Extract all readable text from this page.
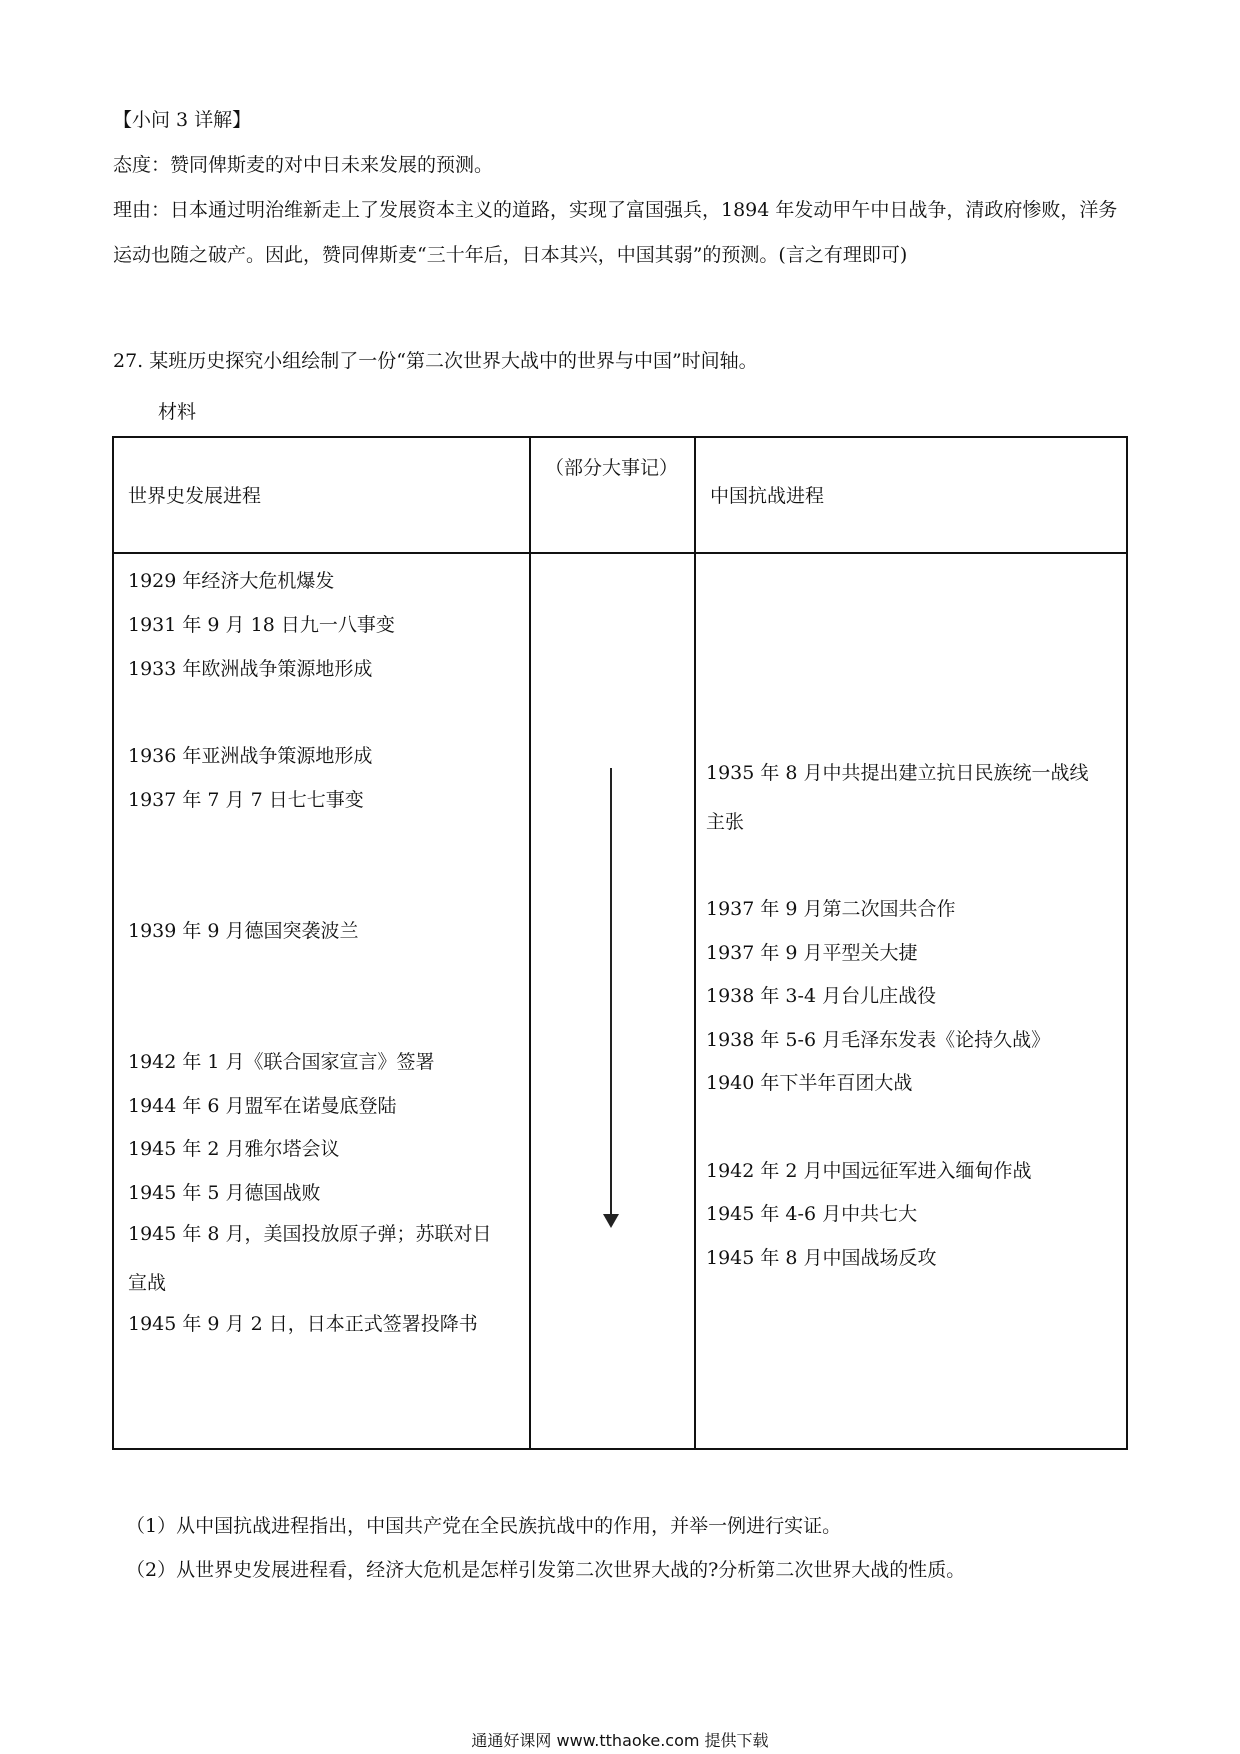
【小问 3 详解】

态度：赞同俾斯麦的对中日未来发展的预测。

理由：日本通过明治维新走上了发展资本主义的道路，实现了富国强兵，1894 年发动甲午中日战争，清政府惨败，洋务运动也随之破产。因此，赞同俾斯麦“三十年后，日本其兴，中国其弱”的预测。(言之有理即可)

27. 某班历史探究小组绘制了一份“第二次世界大战中的世界与中国”时间轴。

材料
世界史发展进程
（部分大事记）
中国抗战进程
1929 年经济大危机爆发
1931 年 9 月 18 日九一八事变
1933 年欧洲战争策源地形成
1936 年亚洲战争策源地形成
1937 年 7 月 7 日七七事变
1939 年 9 月德国突袭波兰
1942 年 1 月《联合国家宣言》签署
1944 年 6 月盟军在诺曼底登陆
1945 年 2 月雅尔塔会议
1945 年 5 月德国战败
1945 年 8 月，美国投放原子弹；苏联对日宣战
1945 年 9 月 2 日，日本正式签署投降书
1935 年 8 月中共提出建立抗日民族统一战线主张
1937 年 9 月第二次国共合作
1937 年 9 月平型关大捷
1938 年 3-4 月台儿庄战役
1938 年 5-6 月毛泽东发表《论持久战》
1940 年下半年百团大战
1942 年 2 月中国远征军进入缅甸作战
1945 年 4-6 月中共七大
1945 年 8 月中国战场反攻
（1）从中国抗战进程指出，中国共产党在全民族抗战中的作用，并举一例进行实证。
（2）从世界史发展进程看，经济大危机是怎样引发第二次世界大战的?分析第二次世界大战的性质。
通通好课网 www.tthaoke.com 提供下载
